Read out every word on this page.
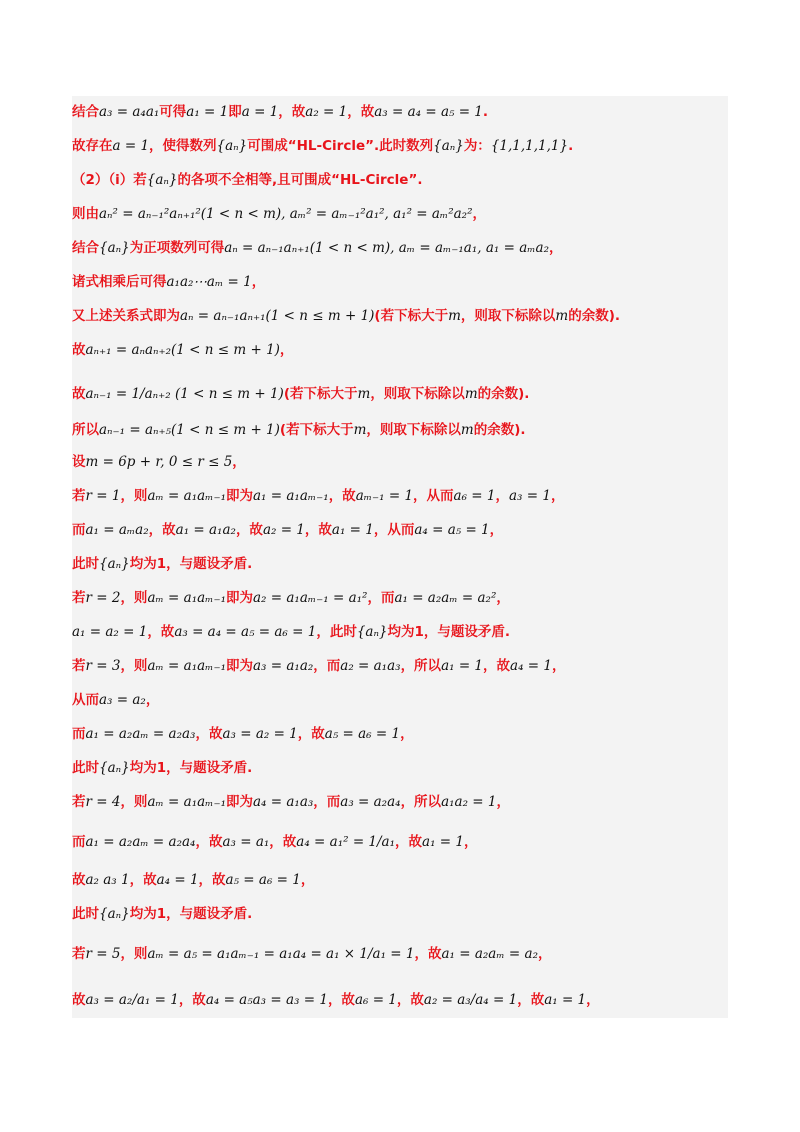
结合a₃ = a₄a₁可得a₁ = 1即a = 1，故a₂ = 1，故a₃ = a₄ = a₅ = 1.
故存在a = 1，使得数列{aₙ}可围成“HL-Circle”.此时数列{aₙ}为：{1,1,1,1,1}.
（2）（i）若{aₙ}的各项不全相等,且可围成“HL-Circle”.
则由aₙ² = aₙ₋₁²aₙ₊₁²(1 < n < m), aₘ² = aₘ₋₁²a₁², a₁² = aₘ²a₂²，
结合{aₙ}为正项数列可得aₙ = aₙ₋₁aₙ₊₁(1 < n < m), aₘ = aₘ₋₁a₁, a₁ = aₘa₂，
诸式相乘后可得a₁a₂⋯aₘ = 1，
又上述关系式即为aₙ = aₙ₋₁aₙ₊₁(1 < n ≤ m + 1)(若下标大于m，则取下标除以m的余数).
故aₙ₊₁ = aₙaₙ₊₂(1 < n ≤ m + 1)，
故aₙ₋₁ = 1/aₙ₊₂ (1 < n ≤ m + 1)(若下标大于m，则取下标除以m的余数).
所以aₙ₋₁ = aₙ₊₅(1 < n ≤ m + 1)(若下标大于m，则取下标除以m的余数).
设m = 6p + r, 0 ≤ r ≤ 5，
若r = 1，则aₘ = a₁aₘ₋₁即为a₁ = a₁aₘ₋₁，故aₘ₋₁ = 1，从而a₆ = 1，a₃ = 1，
而a₁ = aₘa₂，故a₁ = a₁a₂，故a₂ = 1，故a₁ = 1，从而a₄ = a₅ = 1，
此时{aₙ}均为1，与题设矛盾.
若r = 2，则aₘ = a₁aₘ₋₁即为a₂ = a₁aₘ₋₁ = a₁²，而a₁ = a₂aₘ = a₂²，
a₁ = a₂ = 1，故a₃ = a₄ = a₅ = a₆ = 1，此时{aₙ}均为1，与题设矛盾.
若r = 3，则aₘ = a₁aₘ₋₁即为a₃ = a₁a₂，而a₂ = a₁a₃，所以a₁ = 1，故a₄ = 1，
从而a₃ = a₂，
而a₁ = a₂aₘ = a₂a₃，故a₃ = a₂ = 1，故a₅ = a₆ = 1，
此时{aₙ}均为1，与题设矛盾.
若r = 4，则aₘ = a₁aₘ₋₁即为a₄ = a₁a₃，而a₃ = a₂a₄，所以a₁a₂ = 1，
而a₁ = a₂aₘ = a₂a₄，故a₃ = a₁，故a₄ = a₁² = 1/a₁，故a₁ = 1，
故a₂ a₃ 1，故a₄ = 1，故a₅ = a₆ = 1，
此时{aₙ}均为1，与题设矛盾.
若r = 5，则aₘ = a₅ = a₁aₘ₋₁ = a₁a₄ = a₁ × 1/a₁ = 1，故a₁ = a₂aₘ = a₂，
故a₃ = a₂/a₁ = 1，故a₄ = a₅a₃ = a₃ = 1，故a₆ = 1，故a₂ = a₃/a₄ = 1，故a₁ = 1，
